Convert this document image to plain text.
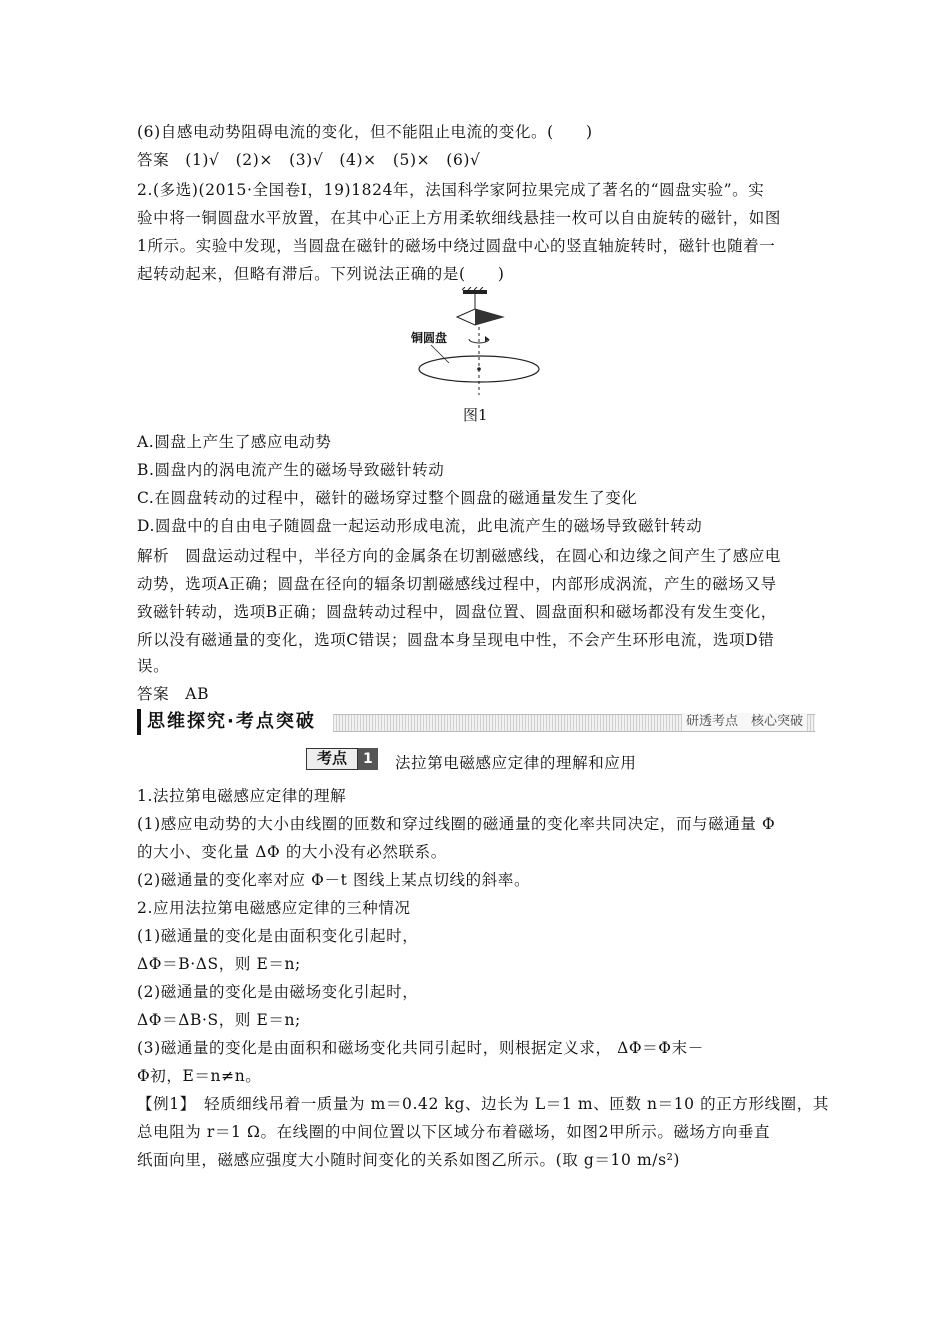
(6)自感电动势阻碍电流的变化，但不能阻止电流的变化。(　　)
答案　(1)√　(2)×　(3)√　(4)×　(5)×　(6)√
2.(多选)(2015·全国卷Ⅰ，19)1824年，法国科学家阿拉果完成了著名的“圆盘实验”。实
验中将一铜圆盘水平放置，在其中心正上方用柔软细线悬挂一枚可以自由旋转的磁针，如图
1所示。实验中发现，当圆盘在磁针的磁场中绕过圆盘中心的竖直轴旋转时，磁针也随着一
起转动起来，但略有滞后。下列说法正确的是(　　)
铜圆盘
图1
A.圆盘上产生了感应电动势
B.圆盘内的涡电流产生的磁场导致磁针转动
C.在圆盘转动的过程中，磁针的磁场穿过整个圆盘的磁通量发生了变化
D.圆盘中的自由电子随圆盘一起运动形成电流，此电流产生的磁场导致磁针转动
解析　圆盘运动过程中，半径方向的金属条在切割磁感线，在圆心和边缘之间产生了感应电
动势，选项A正确；圆盘在径向的辐条切割磁感线过程中，内部形成涡流，产生的磁场又导
致磁针转动，选项B正确；圆盘转动过程中，圆盘位置、圆盘面积和磁场都没有发生变化，
所以没有磁通量的变化，选项C错误；圆盘本身呈现电中性，不会产生环形电流，选项D错
误。
答案　AB
思维探究·考点突破	研透考点　核心突破
考点	1	法拉第电磁感应定律的理解和应用
1.法拉第电磁感应定律的理解
(1)感应电动势的大小由线圈的匝数和穿过线圈的磁通量的变化率共同决定，而与磁通量 Φ
的大小、变化量 ΔΦ 的大小没有必然联系。
(2)磁通量的变化率对应 Φ－t 图线上某点切线的斜率。
2.应用法拉第电磁感应定律的三种情况
(1)磁通量的变化是由面积变化引起时，
ΔΦ＝B·ΔS，则 E＝n;
(2)磁通量的变化是由磁场变化引起时，
ΔΦ＝ΔB·S，则 E＝n;
(3)磁通量的变化是由面积和磁场变化共同引起时，则根据定义求， ΔΦ＝Φ末－
Φ初，E＝n≠n。
【例1】　轻质细线吊着一质量为 m＝0.42 kg、边长为 L＝1 m、匝数 n＝10 的正方形线圈，其
总电阻为 r＝1 Ω。在线圈的中间位置以下区域分布着磁场，如图2甲所示。磁场方向垂直
纸面向里，磁感应强度大小随时间变化的关系如图乙所示。(取 g＝10 m/s²)
